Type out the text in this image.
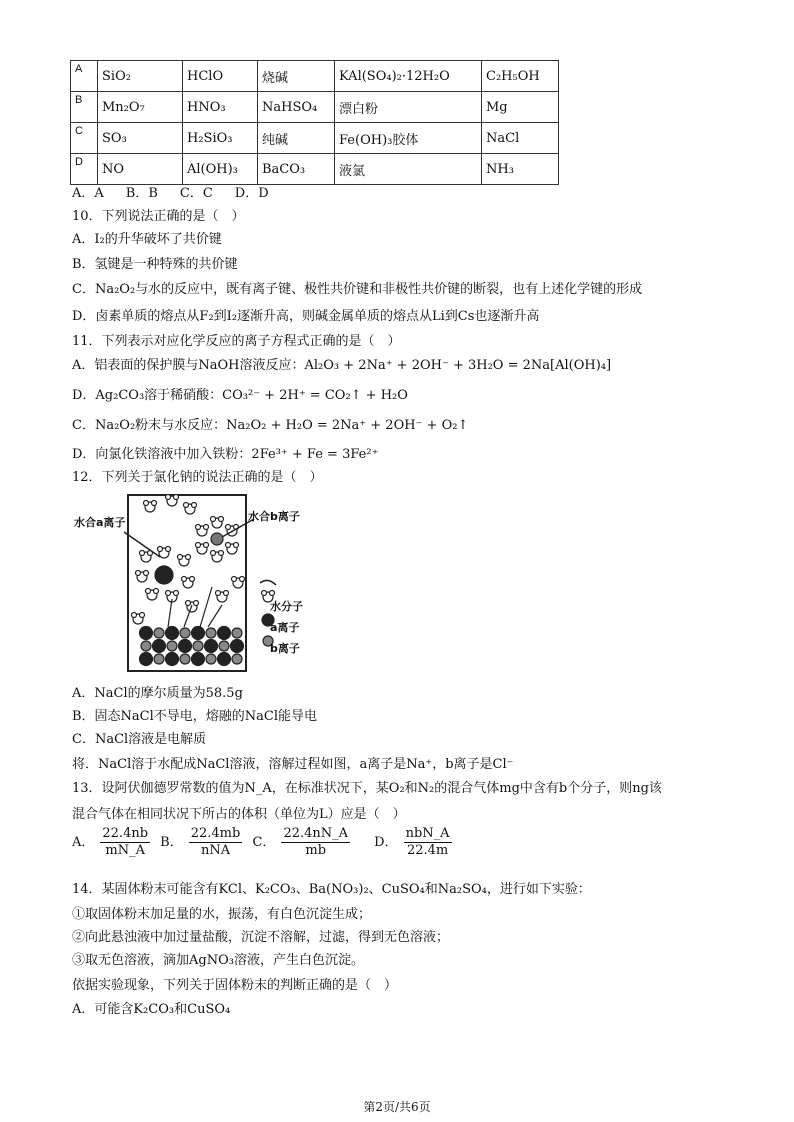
A	SiO₂	HClO	烧碱	KAl(SO₄)₂·12H₂O	C₂H₅OH
B	Mn₂O₇	HNO₃	NaHSO₄	漂白粉	Mg
C	SO₃	H₂SiO₃	纯碱	Fe(OH)₃胶体	NaCl
D	NO	Al(OH)₃	BaCO₃	液氯	NH₃
A．A B．B C．C D．D
10．下列说法正确的是（　）
A．I₂的升华破坏了共价键
B．氢键是一种特殊的共价键
C．Na₂O₂与水的反应中，既有离子键、极性共价键和非极性共价键的断裂，也有上述化学键的形成
D．卤素单质的熔点从F₂到I₂逐渐升高，则碱金属单质的熔点从Li到Cs也逐渐升高
11．下列表示对应化学反应的离子方程式正确的是（　）
A．铝表面的保护膜与NaOH溶液反应：Al₂O₃ + 2Na⁺ + 2OH⁻ + 3H₂O = 2Na[Al(OH)₄]
D．Ag₂CO₃溶于稀硝酸：CO₃²⁻ + 2H⁺ = CO₂↑ + H₂O
C．Na₂O₂粉末与水反应：Na₂O₂ + H₂O = 2Na⁺ + 2OH⁻ + O₂↑
D．向氯化铁溶液中加入铁粉：2Fe³⁺ + Fe = 3Fe²⁺
12．下列关于氯化钠的说法正确的是（　）
水合a离子	水合b离子
水分子
a离子
b离子
A．NaCl的摩尔质量为58.5g
B．固态NaCl不导电，熔融的NaCl能导电
C．NaCl溶液是电解质
将．NaCl溶于水配成NaCl溶液，溶解过程如图，a离子是Na⁺，b离子是Cl⁻
13．设阿伏伽德罗常数的值为N_A，在标准状况下，某O₂和N₂的混合气体mg中含有b个分子，则ng该
混合气体在相同状况下所占的体积（单位为L）应是（　）
A． $\frac{22.4nb}{mN\_A}$ B． $\frac{22.4mb}{\text{nNA}}$ C． $\frac{22.4nN\_A}{mb}$ D． $\frac{\text{nbN\_A}}{22.4m}$
14．某固体粉末可能含有KCl、K₂CO₃、Ba(NO₃)₂、CuSO₄和Na₂SO₄，进行如下实验：
①取固体粉末加足量的水，振荡，有白色沉淀生成；
②向此悬浊液中加过量盐酸，沉淀不溶解，过滤，得到无色溶液；
③取无色溶液，滴加AgNO₃溶液，产生白色沉淀。
依据实验现象，下列关于固体粉末的判断正确的是（　）
A．可能含K₂CO₃和CuSO₄
第2页/共6页
